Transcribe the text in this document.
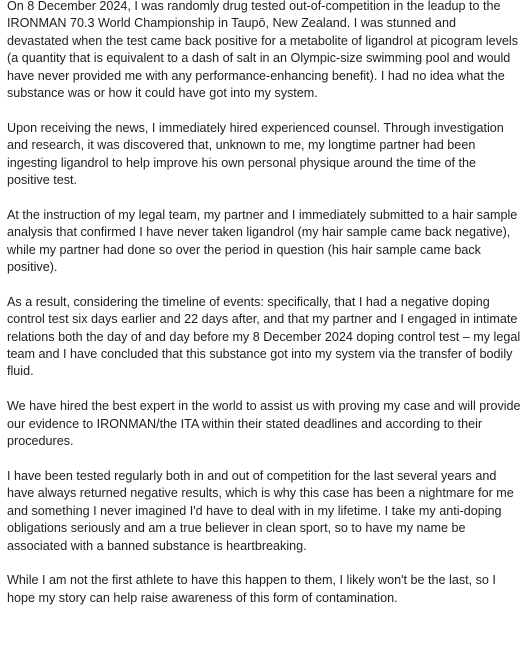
On 8 December 2024, I was randomly drug tested out-of-competition in the leadup to the IRONMAN 70.3 World Championship in Taupō, New Zealand. I was stunned and devastated when the test came back positive for a metabolite of ligandrol at picogram levels (a quantity that is equivalent to a dash of salt in an Olympic-size swimming pool and would have never provided me with any performance-enhancing benefit). I had no idea what the substance was or how it could have got into my system.

Upon receiving the news, I immediately hired experienced counsel. Through investigation and research, it was discovered that, unknown to me, my longtime partner had been ingesting ligandrol to help improve his own personal physique around the time of the positive test.

At the instruction of my legal team, my partner and I immediately submitted to a hair sample analysis that confirmed I have never taken ligandrol (my hair sample came back negative), while my partner had done so over the period in question (his hair sample came back positive).

As a result, considering the timeline of events: specifically, that I had a negative doping control test six days earlier and 22 days after, and that my partner and I engaged in intimate relations both the day of and day before my 8 December 2024 doping control test – my legal team and I have concluded that this substance got into my system via the transfer of bodily fluid.

We have hired the best expert in the world to assist us with proving my case and will provide our evidence to IRONMAN/the ITA within their stated deadlines and according to their procedures.

I have been tested regularly both in and out of competition for the last several years and have always returned negative results, which is why this case has been a nightmare for me and something I never imagined I'd have to deal with in my lifetime. I take my anti-doping obligations seriously and am a true believer in clean sport, so to have my name be associated with a banned substance is heartbreaking.

While I am not the first athlete to have this happen to them, I likely won't be the last, so I hope my story can help raise awareness of this form of contamination.
